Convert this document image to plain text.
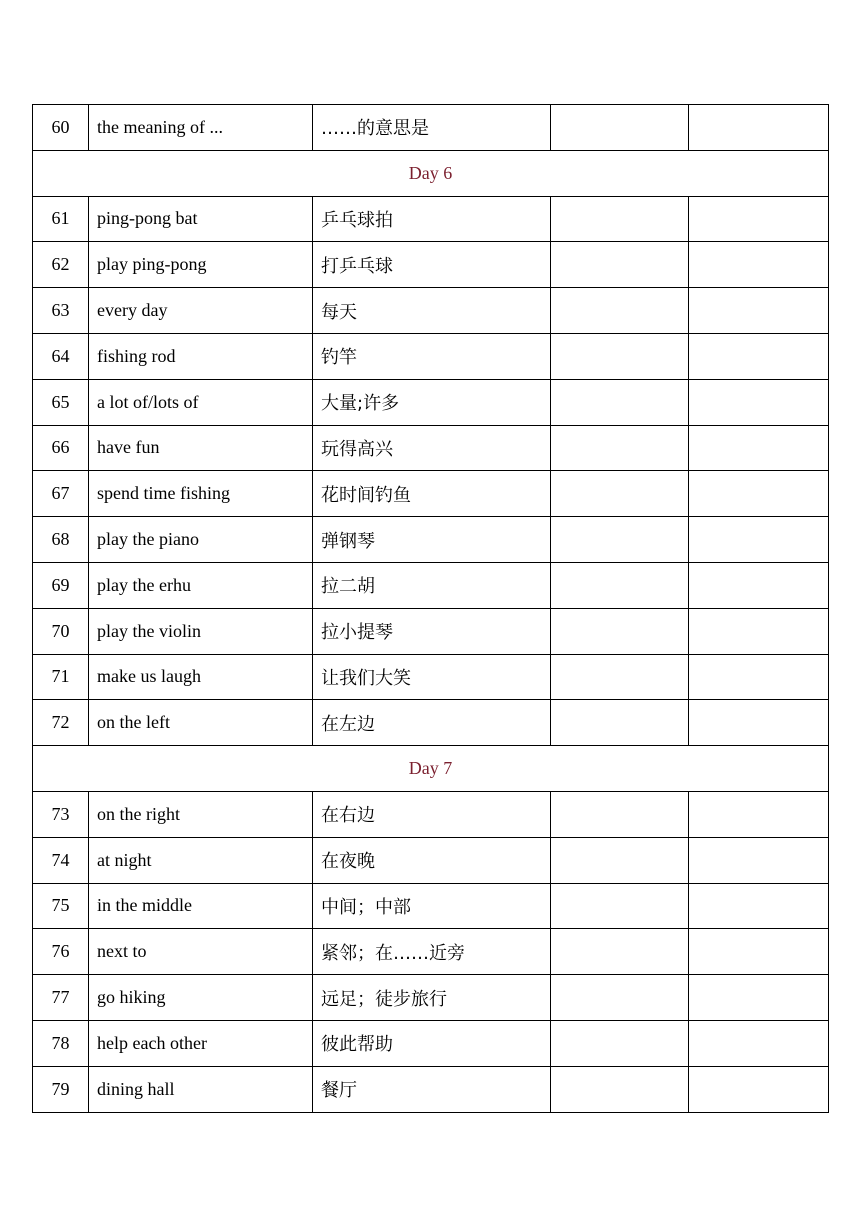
60	the meaning of ...	……的意思是		
Day 6				
61	ping-pong bat	乒乓球拍		
62	play ping-pong	打乒乓球		
63	every day	每天		
64	fishing rod	钓竿		
65	a lot of/lots of	大量;许多		
66	have fun	玩得高兴		
67	spend time fishing	花时间钓鱼		
68	play the piano	弹钢琴		
69	play the erhu	拉二胡		
70	play the violin	拉小提琴		
71	make us laugh	让我们大笑		
72	on the left	在左边		
Day 7				
73	on the right	在右边		
74	at night	在夜晚		
75	in the middle	中间；中部		
76	next to	紧邻；在……近旁		
77	go hiking	远足；徒步旅行		
78	help each other	彼此帮助		
79	dining hall	餐厅		
